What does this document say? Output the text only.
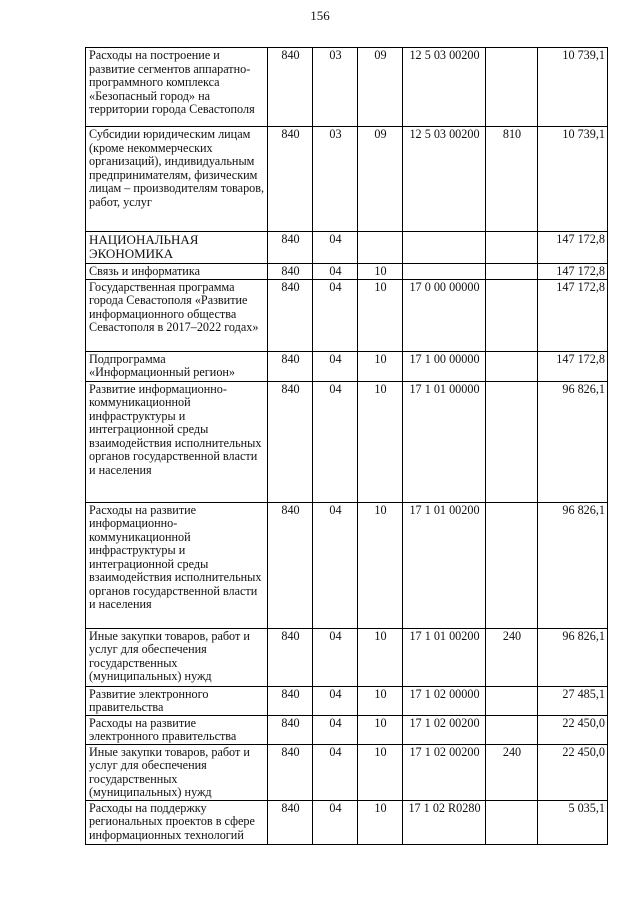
156
Расходы на построение и развитие сегментов аппаратно-программного комплекса «Безопасный город» на территории города Севастополя	840	03	09	12 5 03 00200		10 739,1
Субсидии юридическим лицам (кроме некоммерческих организаций), индивидуальным предпринимателям, физическим лицам – производителям товаров, работ, услуг	840	03	09	12 5 03 00200	810	10 739,1
НАЦИОНАЛЬНАЯ ЭКОНОМИКА	840	04				147 172,8
Связь и информатика	840	04	10			147 172,8
Государственная программа города Севастополя «Развитие информационного общества Севастополя в 2017–2022 годах»	840	04	10	17 0 00 00000		147 172,8
Подпрограмма «Информационный регион»	840	04	10	17 1 00 00000		147 172,8
Развитие информационно-коммуникационной инфраструктуры и интеграционной среды взаимодействия исполнительных органов государственной власти и населения	840	04	10	17 1 01 00000		96 826,1
Расходы на развитие информационно-коммуникационной инфраструктуры и интеграционной среды взаимодействия исполнительных органов государственной власти и населения	840	04	10	17 1 01 00200		96 826,1
Иные закупки товаров, работ и услуг для обеспечения государственных (муниципальных) нужд	840	04	10	17 1 01 00200	240	96 826,1
Развитие электронного правительства	840	04	10	17 1 02 00000		27 485,1
Расходы на развитие электронного правительства	840	04	10	17 1 02 00200		22 450,0
Иные закупки товаров, работ и услуг для обеспечения государственных (муниципальных) нужд	840	04	10	17 1 02 00200	240	22 450,0
Расходы на поддержку региональных проектов в сфере информационных технологий	840	04	10	17 1 02 R0280		5 035,1
